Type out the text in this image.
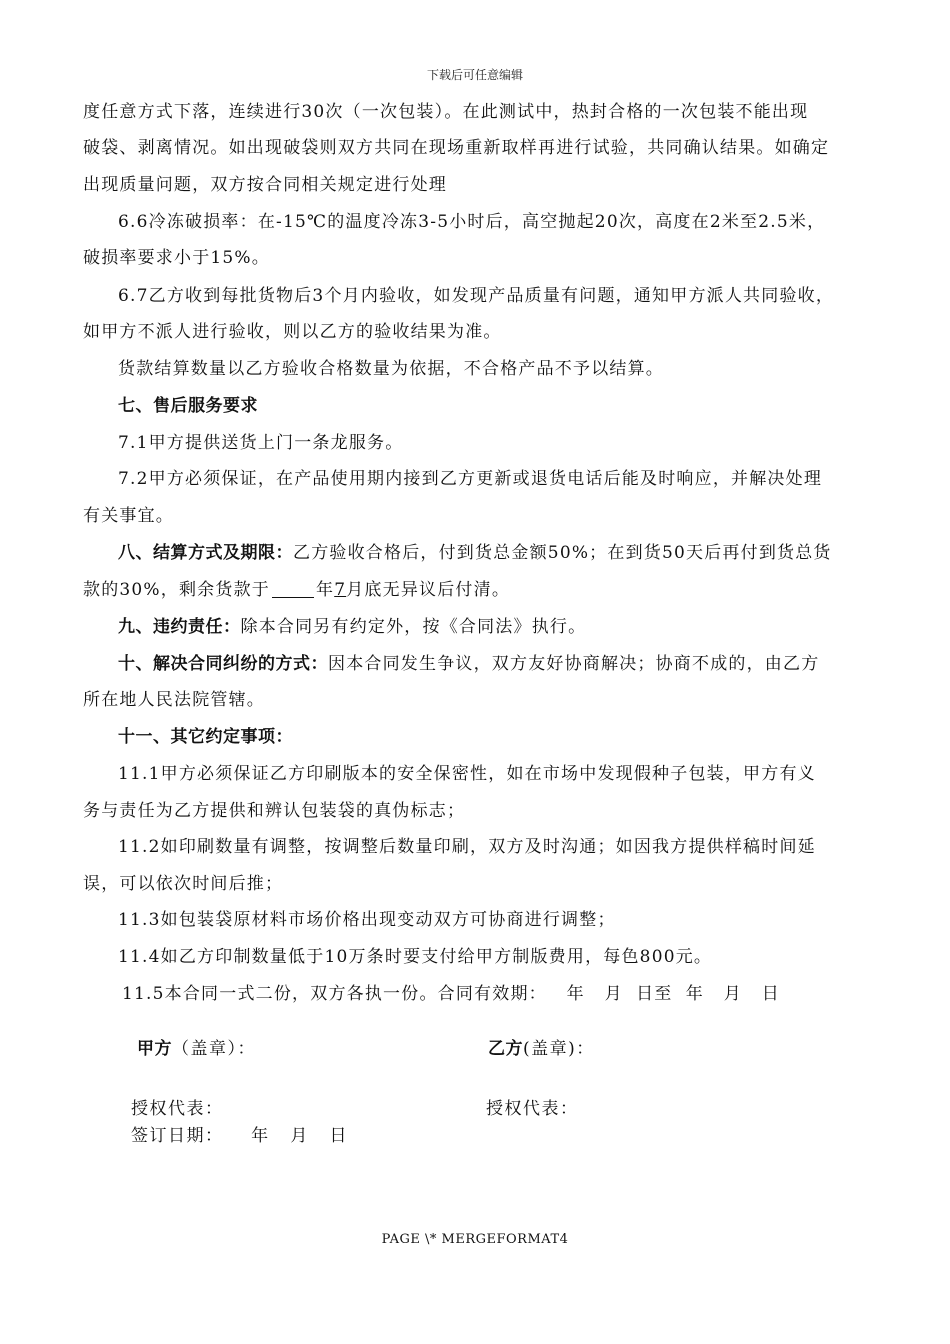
下载后可任意编辑
度任意方式下落，连续进行30次（一次包装）。在此测试中，热封合格的一次包装不能出现
破袋、剥离情况。如出现破袋则双方共同在现场重新取样再进行试验，共同确认结果。如确定
出现质量问题，双方按合同相关规定进行处理
6.6冷冻破损率：在-15℃的温度冷冻3-5小时后，高空抛起20次，高度在2米至2.5米，
破损率要求小于15%。
6.7乙方收到每批货物后3个月内验收，如发现产品质量有问题，通知甲方派人共同验收，
如甲方不派人进行验收，则以乙方的验收结果为准。
货款结算数量以乙方验收合格数量为依据，不合格产品不予以结算。
七、售后服务要求
7.1甲方提供送货上门一条龙服务。
7.2甲方必须保证，在产品使用期内接到乙方更新或退货电话后能及时响应，并解决处理
有关事宜。
八、结算方式及期限：乙方验收合格后，付到货总金额50%；在到货50天后再付到货总货
款的30%，剩余货款于	年7月底无异议后付清。
九、违约责任：除本合同另有约定外，按《合同法》执行。
十、解决合同纠纷的方式：因本合同发生争议，双方友好协商解决；协商不成的，由乙方
所在地人民法院管辖。
十一、其它约定事项：
11.1甲方必须保证乙方印刷版本的安全保密性，如在市场中发现假种子包装，甲方有义
务与责任为乙方提供和辨认包装袋的真伪标志；
11.2如印刷数量有调整，按调整后数量印刷，双方及时沟通；如因我方提供样稿时间延
误，可以依次时间后推；
11.3如包装袋原材料市场价格出现变动双方可协商进行调整；
11.4如乙方印制数量低于10万条时要支付给甲方制版费用，每色800元。
11.5本合同一式二份，双方各执一份。合同有效期：   年   月  日至  年   月   日
甲方（盖章）：	乙方(盖章)：
授权代表：	授权代表：
签订日期：    年   月   日
PAGE \* MERGEFORMAT4
